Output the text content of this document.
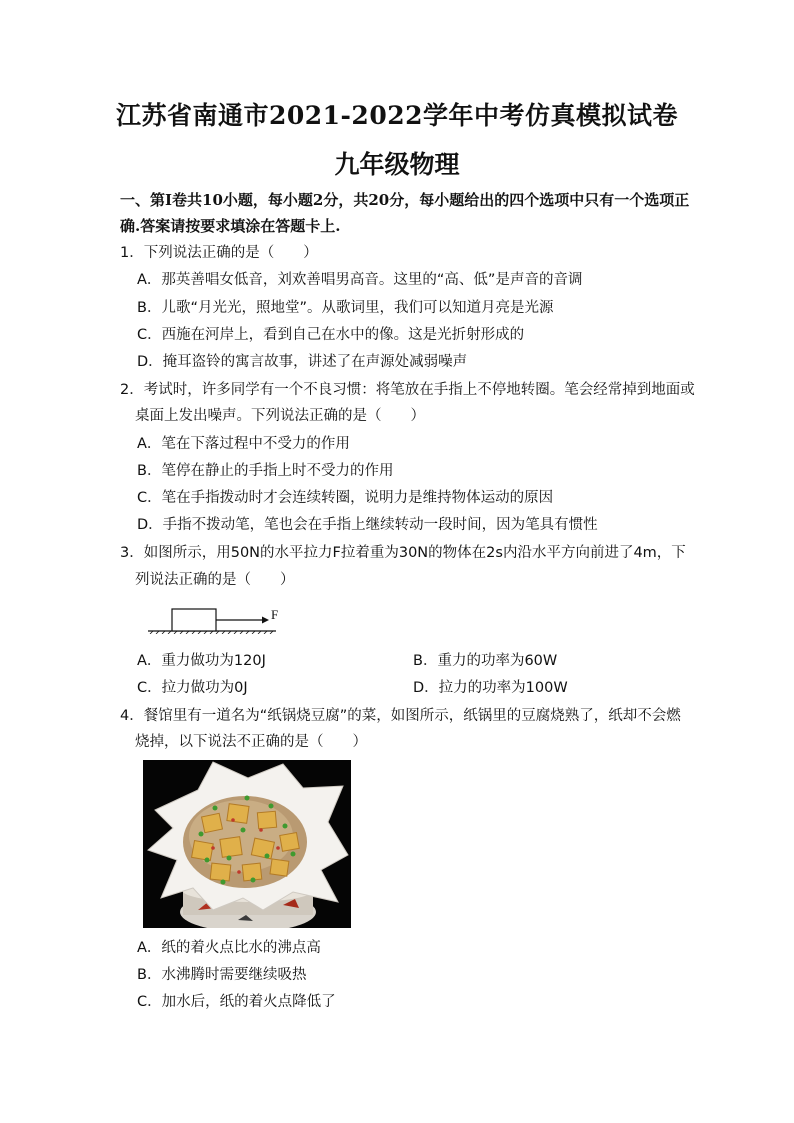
江苏省南通市2021-2022学年中考仿真模拟试卷
九年级物理
一、第Ⅰ卷共10小题，每小题2分，共20分，每小题给出的四个选项中只有一个选项正
确.答案请按要求填涂在答题卡上.
1．下列说法正确的是（　　）
A．那英善唱女低音，刘欢善唱男高音。这里的“高、低”是声音的音调
B．儿歌“月光光，照地堂”。从歌词里，我们可以知道月亮是光源
C．西施在河岸上，看到自己在水中的像。这是光折射形成的
D．掩耳盗铃的寓言故事，讲述了在声源处减弱噪声
2．考试时，许多同学有一个不良习惯：将笔放在手指上不停地转圈。笔会经常掉到地面或
桌面上发出噪声。下列说法正确的是（　　）
A．笔在下落过程中不受力的作用
B．笔停在静止的手指上时不受力的作用
C．笔在手指拨动时才会连续转圈，说明力是维持物体运动的原因
D．手指不拨动笔，笔也会在手指上继续转动一段时间，因为笔具有惯性
3．如图所示，用50N的水平拉力F拉着重为30N的物体在2s内沿水平方向前进了4m，下
列说法正确的是（　　）
F
A．重力做功为120J	B．重力的功率为60W
C．拉力做功为0J	D．拉力的功率为100W
4．餐馆里有一道名为“纸锅烧豆腐”的菜，如图所示，纸锅里的豆腐烧熟了，纸却不会燃
烧掉，以下说法不正确的是（　　）
A．纸的着火点比水的沸点高
B．水沸腾时需要继续吸热
C．加水后，纸的着火点降低了
